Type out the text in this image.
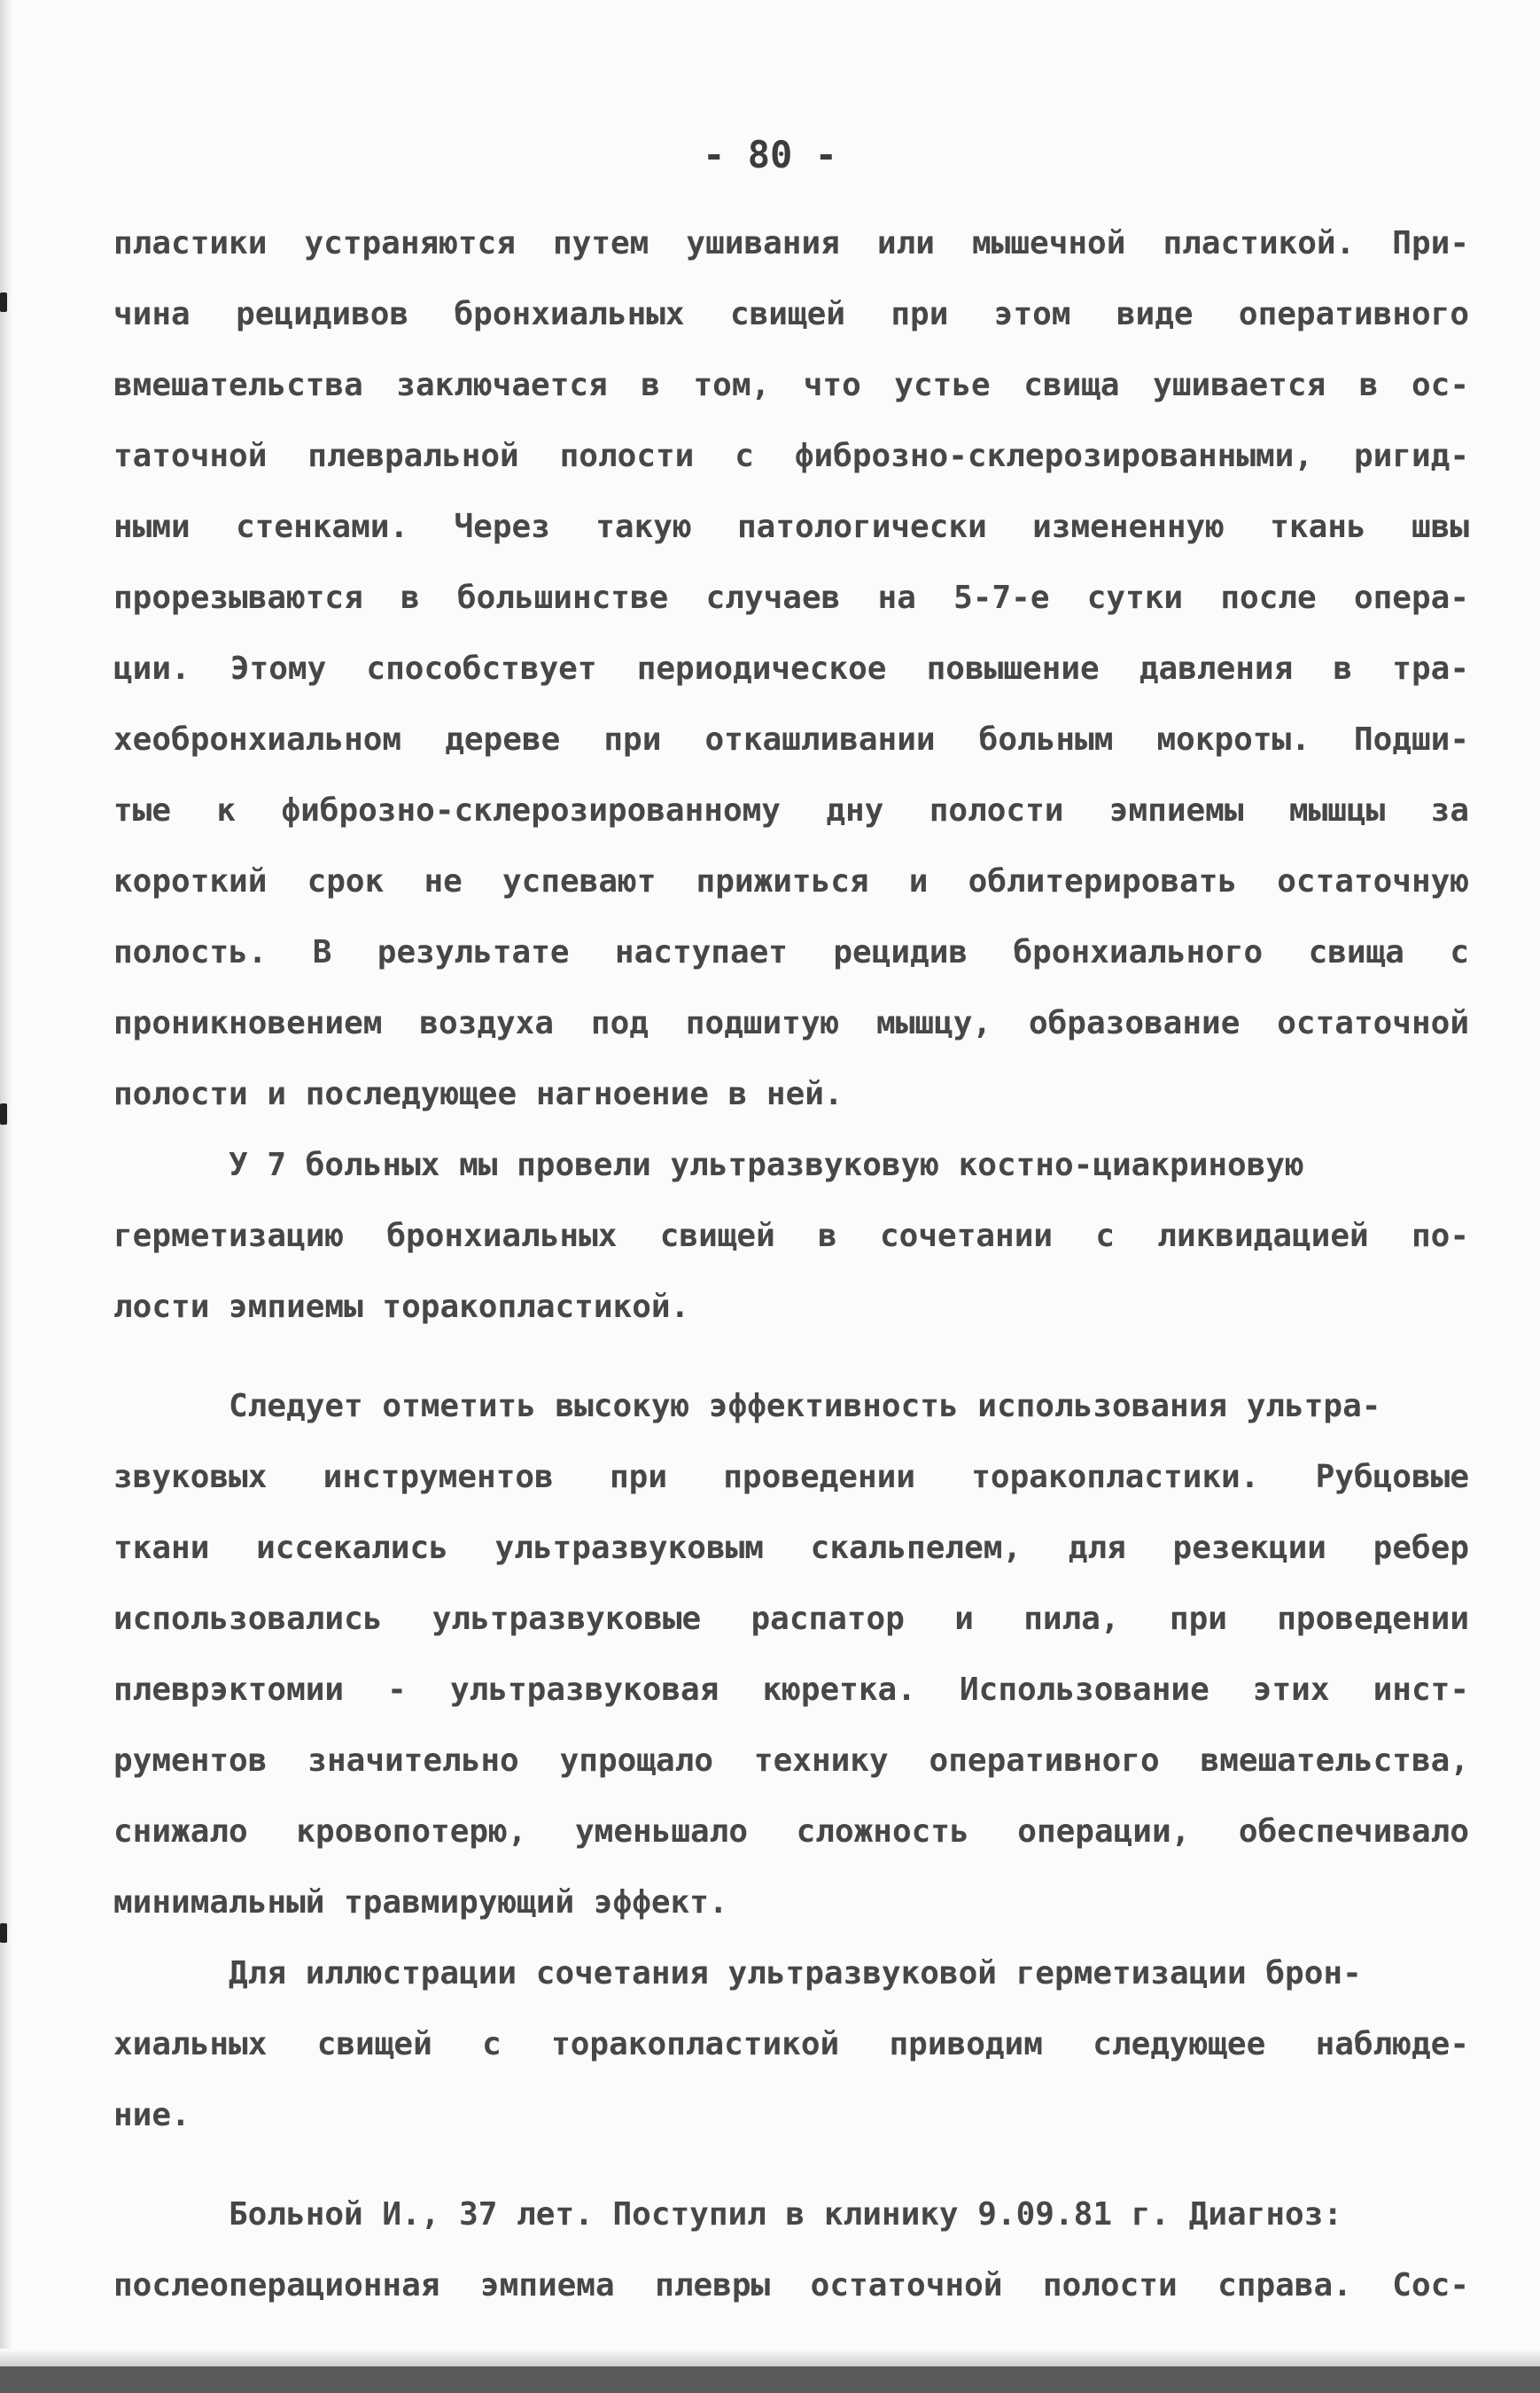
- 80 -
пластики устраняются путем ушивания или мышечной пластикой. При-
чина рецидивов бронхиальных свищей при этом виде оперативного
вмешательства заключается в том, что устье свища ушивается в ос-
таточной плевральной полости с фиброзно-склерозированными, ригид-
ными стенками. Через такую патологически измененную ткань швы
прорезываются в большинстве случаев на 5-7-е сутки после опера-
ции. Этому способствует периодическое повышение давления в тра-
хеобронхиальном дереве при откашливании больным мокроты. Подши-
тые к фиброзно-склерозированному дну полости эмпиемы мышцы за
короткий срок не успевают прижиться и облитерировать остаточную
полость. В результате наступает рецидив бронхиального свища с
проникновением воздуха под подшитую мышцу, образование остаточной
полости и последующее нагноение в ней.
У 7 больных мы провели ультразвуковую костно-циакриновую
герметизацию бронхиальных свищей в сочетании с ликвидацией по-
лости эмпиемы торакопластикой.
Следует отметить высокую эффективность использования ультра-
звуковых инструментов при проведении торакопластики. Рубцовые
ткани иссекались ультразвуковым скальпелем, для резекции ребер
использовались ультразвуковые распатор и пила, при проведении
плеврэктомии - ультразвуковая кюретка. Использование этих инст-
рументов значительно упрощало технику оперативного вмешательства,
снижало кровопотерю, уменьшало сложность операции, обеспечивало
минимальный травмирующий эффект.
Для иллюстрации сочетания ультразвуковой герметизации брон-
хиальных свищей с торакопластикой приводим следующее наблюде-
ние.
Больной И., 37 лет. Поступил в клинику 9.09.81 г. Диагноз:
послеоперационная эмпиема плевры остаточной полости справа. Сос-
